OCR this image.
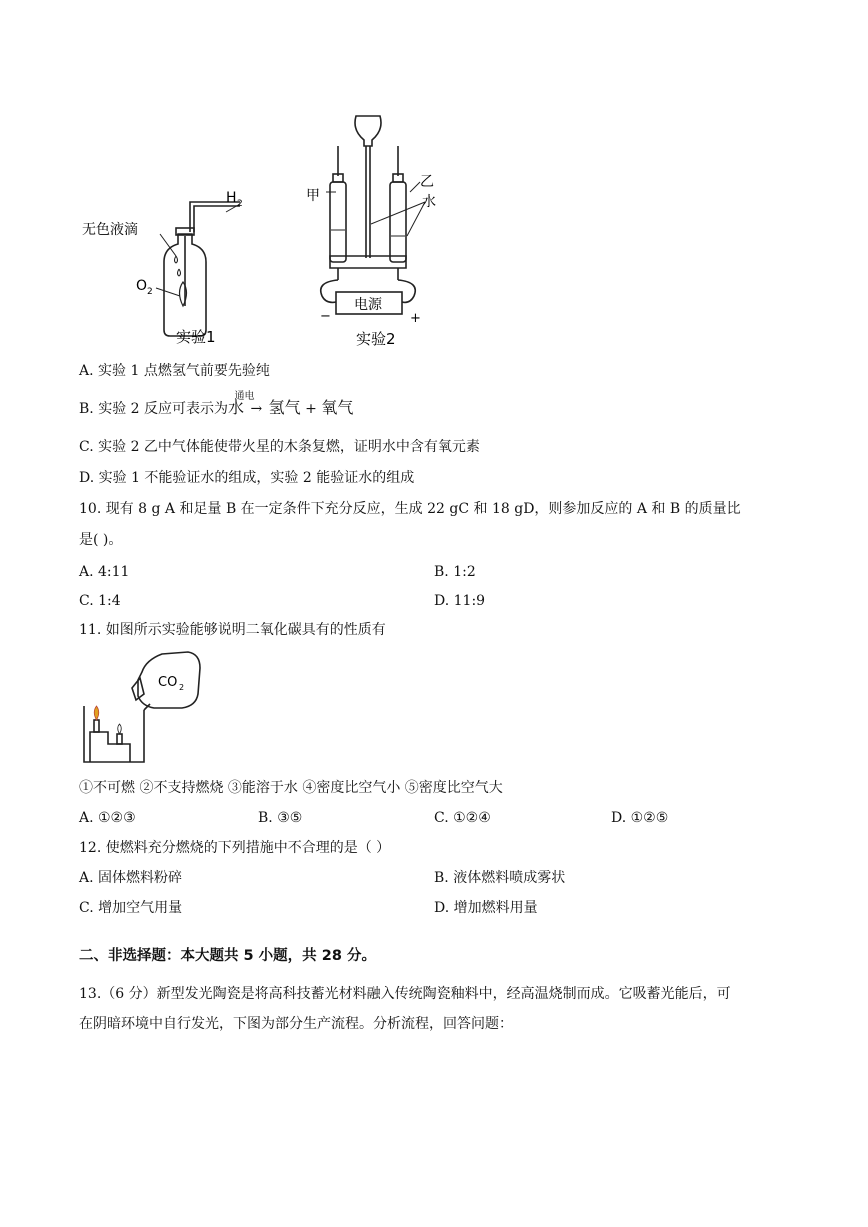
H 2
无色液滴
O 2
实验1
甲
乙
水
电源
−	+
实验2
A. 实验 1 点燃氢气前要先验纯
B. 实验 2 反应可表示为水
通电
→ 氢气 + 氧气
C. 实验 2 乙中气体能使带火星的木条复燃，证明水中含有氧元素
D. 实验 1 不能验证水的组成，实验 2 能验证水的组成
10. 现有 8 g A 和足量 B 在一定条件下充分反应，生成 22 gC 和 18 gD，则参加反应的 A 和 B 的质量比
是( )。
A. 4:11	B. 1:2
C. 1:4	D. 11:9
11. 如图所示实验能够说明二氧化碳具有的性质有
CO 2
①不可燃 ②不支持燃烧 ③能溶于水 ④密度比空气小 ⑤密度比空气大
A. ①②③	B. ③⑤	C. ①②④	D. ①②⑤
12. 使燃料充分燃烧的下列措施中不合理的是（ ）
A. 固体燃料粉碎	B. 液体燃料喷成雾状
C. 增加空气用量	D. 增加燃料用量
二、非选择题：本大题共 5 小题，共 28 分。
13.（6 分）新型发光陶瓷是将高科技蓄光材料融入传统陶瓷釉料中，经高温烧制而成。它吸蓄光能后，可
在阴暗环境中自行发光，下图为部分生产流程。分析流程，回答问题：
